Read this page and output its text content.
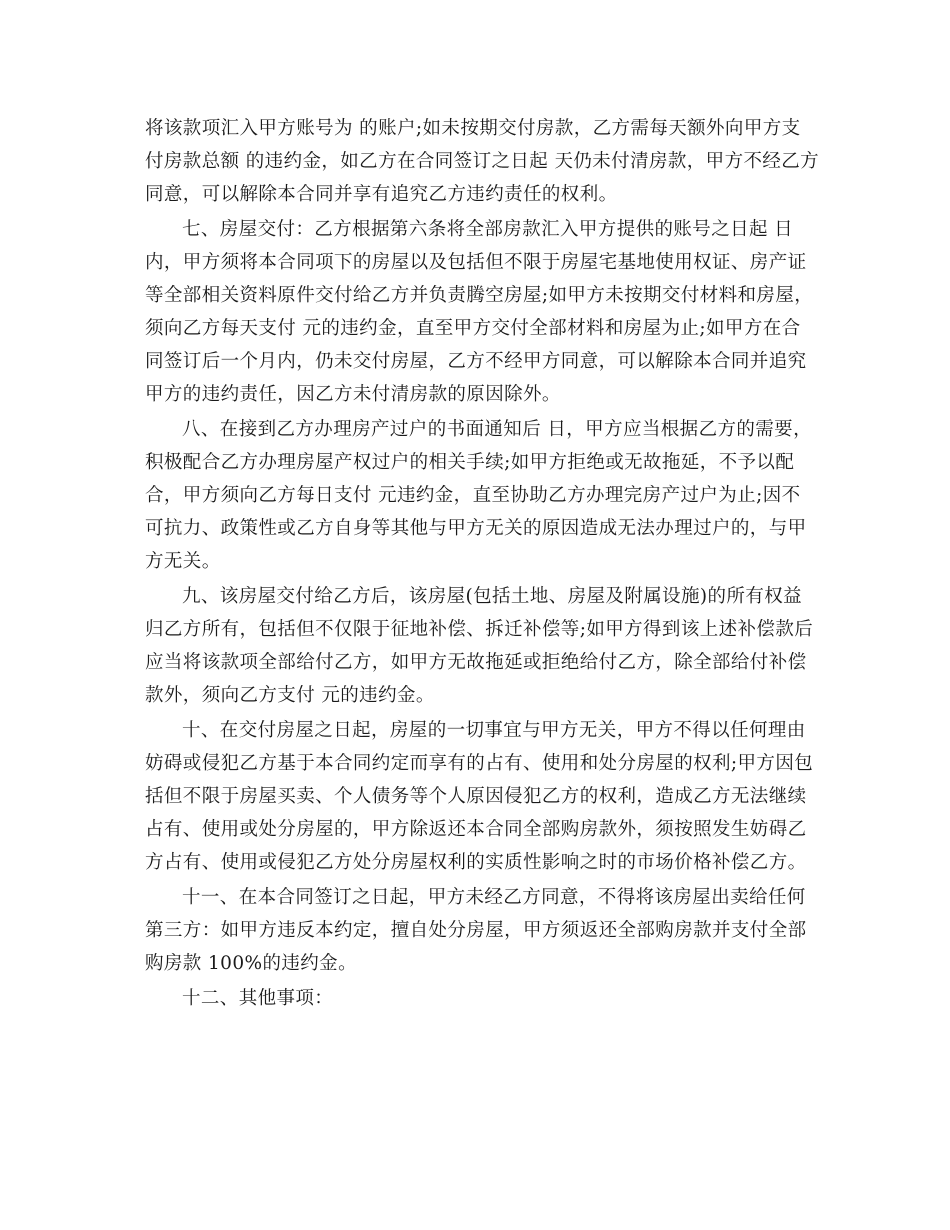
将该款项汇入甲方账号为 的账户;如未按期交付房款，乙方需每天额外向甲方支
付房款总额 的违约金，如乙方在合同签订之日起 天仍未付清房款，甲方不经乙方
同意，可以解除本合同并享有追究乙方违约责任的权利。

七、房屋交付：乙方根据第六条将全部房款汇入甲方提供的账号之日起 日
内，甲方须将本合同项下的房屋以及包括但不限于房屋宅基地使用权证、房产证
等全部相关资料原件交付给乙方并负责腾空房屋;如甲方未按期交付材料和房屋，
须向乙方每天支付 元的违约金，直至甲方交付全部材料和房屋为止;如甲方在合
同签订后一个月内，仍未交付房屋，乙方不经甲方同意，可以解除本合同并追究
甲方的违约责任，因乙方未付清房款的原因除外。

八、在接到乙方办理房产过户的书面通知后 日，甲方应当根据乙方的需要，
积极配合乙方办理房屋产权过户的相关手续;如甲方拒绝或无故拖延，不予以配
合，甲方须向乙方每日支付 元违约金，直至协助乙方办理完房产过户为止;因不
可抗力、政策性或乙方自身等其他与甲方无关的原因造成无法办理过户的，与甲
方无关。

九、该房屋交付给乙方后，该房屋(包括土地、房屋及附属设施)的所有权益
归乙方所有，包括但不仅限于征地补偿、拆迁补偿等;如甲方得到该上述补偿款后
应当将该款项全部给付乙方，如甲方无故拖延或拒绝给付乙方，除全部给付补偿
款外，须向乙方支付 元的违约金。

十、在交付房屋之日起，房屋的一切事宜与甲方无关，甲方不得以任何理由
妨碍或侵犯乙方基于本合同约定而享有的占有、使用和处分房屋的权利;甲方因包
括但不限于房屋买卖、个人债务等个人原因侵犯乙方的权利，造成乙方无法继续
占有、使用或处分房屋的，甲方除返还本合同全部购房款外，须按照发生妨碍乙
方占有、使用或侵犯乙方处分房屋权利的实质性影响之时的市场价格补偿乙方。

十一、在本合同签订之日起，甲方未经乙方同意，不得将该房屋出卖给任何
第三方：如甲方违反本约定，擅自处分房屋，甲方须返还全部购房款并支付全部
购房款 100%的违约金。

十二、其他事项：
